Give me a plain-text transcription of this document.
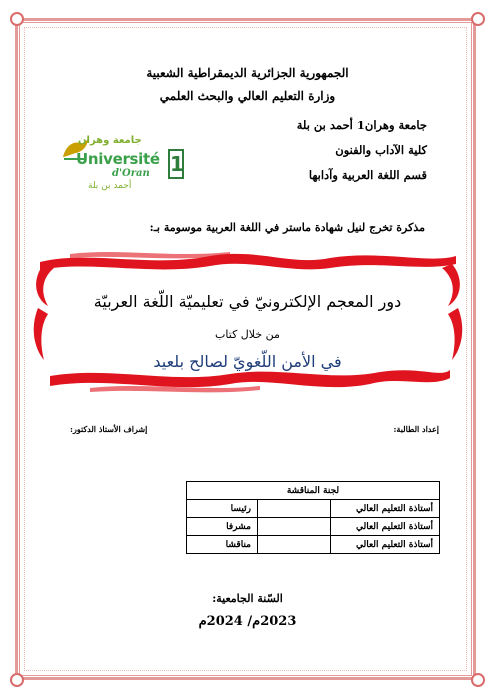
الجمهورية الجزائرية الديمقراطية الشعبية
وزارة التعليم العالي والبحث العلمي
جامعة وهران1 أحمد بن بلة
كلية الآداب والفنون
قسم اللغة العربية وآدابها
جامعة وهران
Université
d'Oran
أحمد بن بلة
1
مذكرة تخرج لنيل شهادة ماستر في اللغة العربية موسومة بـ:
دور المعجم الإلكترونيّ في تعليميّة اللّغة العربيّة
من خلال كتاب
في الأمن اللّغويّ لصالح بلعيد
إعداد الطالبة:
إشراف الأستاذ الدكتور:
لجنة المناقشة		
أستاذة التعليم العالي		رئيسا
أستاذة التعليم العالي		مشرفا
أستاذة التعليم العالي		مناقشا
السّنة الجامعية:
2023م/ 2024م
